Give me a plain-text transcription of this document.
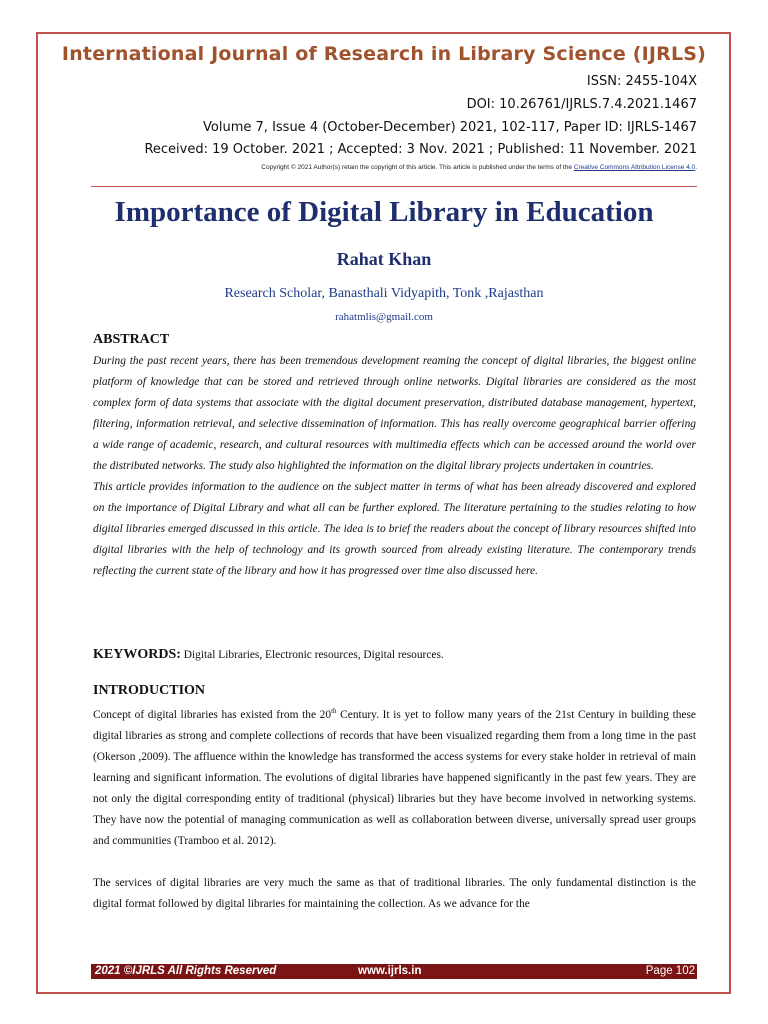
International Journal of Research in Library Science (IJRLS)
ISSN: 2455-104X
DOI: 10.26761/IJRLS.7.4.2021.1467
Volume 7, Issue 4 (October-December) 2021, 102-117, Paper ID: IJRLS-1467
Received: 19 October. 2021 ; Accepted: 3 Nov. 2021 ; Published: 11 November. 2021
Copyright © 2021 Author(s) retain the copyright of this article. This article is published under the terms of the Creative Commons Attribution License 4.0.
Importance of Digital Library in Education
Rahat Khan
Research Scholar, Banasthali Vidyapith, Tonk ,Rajasthan
rahatmlis@gmail.com
ABSTRACT

During the past recent years, there has been tremendous development reaming the concept of digital libraries, the biggest online platform of knowledge that can be stored and retrieved through online networks. Digital libraries are considered as the most complex form of data systems that associate with the digital document preservation, distributed database management, hypertext, filtering, information retrieval, and selective dissemination of information. This has really overcome geographical barrier offering a wide range of academic, research, and cultural resources with multimedia effects which can be accessed around the world over the distributed networks. The study also highlighted the information on the digital library projects undertaken in countries.

This article provides information to the audience on the subject matter in terms of what has been already discovered and explored on the importance of Digital Library and what all can be further explored. The literature pertaining to the studies relating to how digital libraries emerged discussed in this article. The idea is to brief the readers about the concept of library resources shifted into digital libraries with the help of technology and its growth sourced from already existing literature. The contemporary trends reflecting the current state of the library and how it has progressed over time also discussed here.

KEYWORDS: Digital Libraries, Electronic resources, Digital resources.
INTRODUCTION

Concept of digital libraries has existed from the 20th Century. It is yet to follow many years of the 21st Century in building these digital libraries as strong and complete collections of records that have been visualized regarding them from a long time in the past (Okerson ,2009). The affluence within the knowledge has transformed the access systems for every stake holder in retrieval of main learning and significant information. The evolutions of digital libraries have happened significantly in the past few years. They are not only the digital corresponding entity of traditional (physical) libraries but they have become involved in networking systems. They have now the potential of managing communication as well as collaboration between diverse, universally spread user groups and communities (Tramboo et al. 2012).

The services of digital libraries are very much the same as that of traditional libraries. The only fundamental distinction is the digital format followed by digital libraries for maintaining the collection. As we advance for the

2021 ©IJRLS All Rights Reserved	www.ijrls.in	Page 102
